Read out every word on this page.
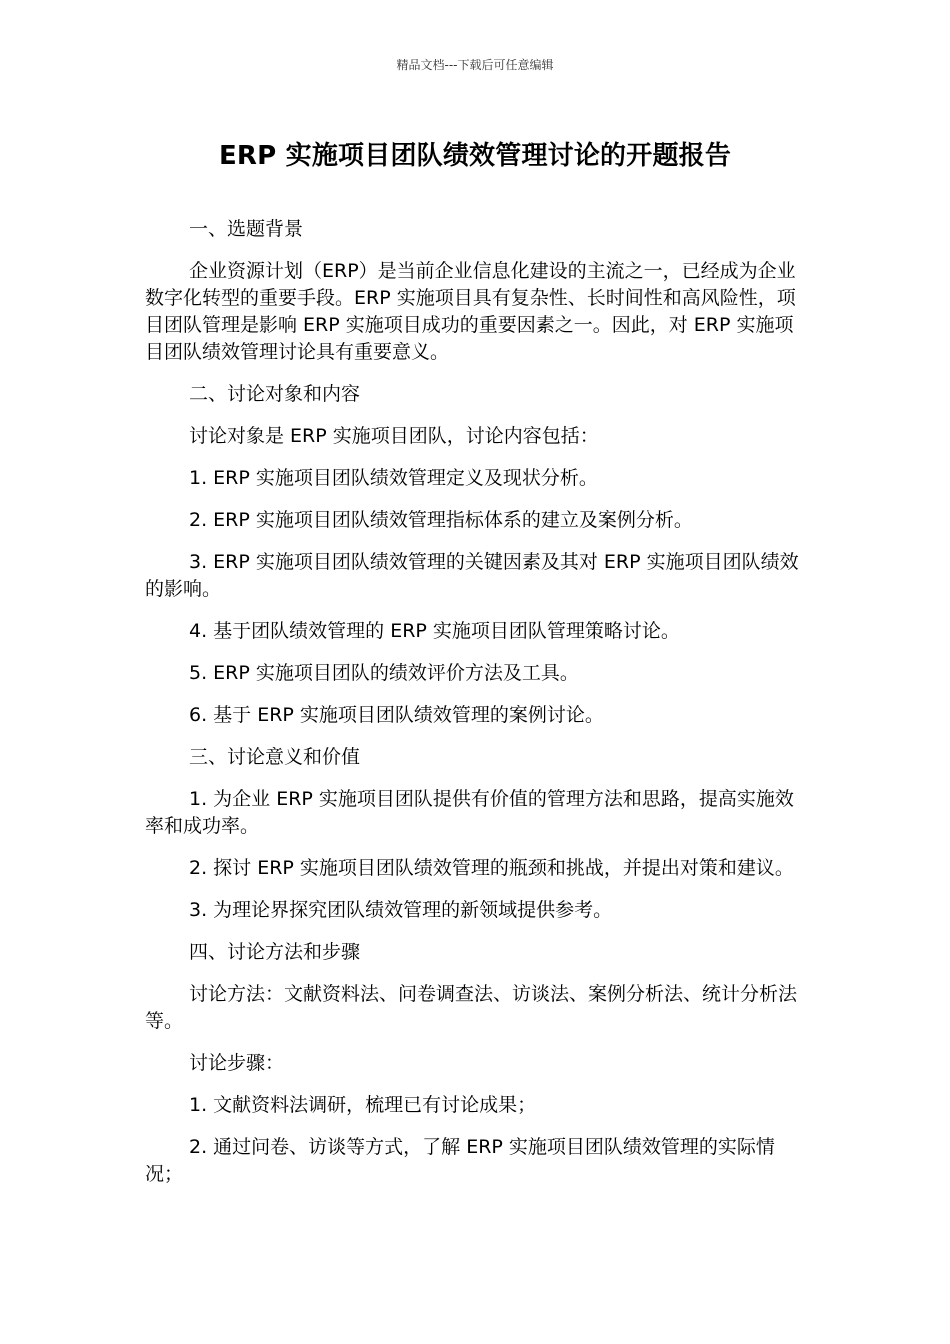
精品文档---下载后可任意编辑
ERP 实施项目团队绩效管理讨论的开题报告

一、选题背景

企业资源计划（ERP）是当前企业信息化建设的主流之一，已经成为企业数字化转型的重要手段。ERP 实施项目具有复杂性、长时间性和高风险性，项目团队管理是影响 ERP 实施项目成功的重要因素之一。因此，对 ERP 实施项目团队绩效管理讨论具有重要意义。

二、讨论对象和内容

讨论对象是 ERP 实施项目团队，讨论内容包括：

1. ERP 实施项目团队绩效管理定义及现状分析。

2. ERP 实施项目团队绩效管理指标体系的建立及案例分析。

3. ERP 实施项目团队绩效管理的关键因素及其对 ERP 实施项目团队绩效的影响。

4. 基于团队绩效管理的 ERP 实施项目团队管理策略讨论。

5. ERP 实施项目团队的绩效评价方法及工具。

6. 基于 ERP 实施项目团队绩效管理的案例讨论。

三、讨论意义和价值

1. 为企业 ERP 实施项目团队提供有价值的管理方法和思路，提高实施效率和成功率。

2. 探讨 ERP 实施项目团队绩效管理的瓶颈和挑战，并提出对策和建议。

3. 为理论界探究团队绩效管理的新领域提供参考。

四、讨论方法和步骤

讨论方法：文献资料法、问卷调查法、访谈法、案例分析法、统计分析法等。

讨论步骤：

1. 文献资料法调研，梳理已有讨论成果；

2. 通过问卷、访谈等方式，了解 ERP 实施项目团队绩效管理的实际情况；
